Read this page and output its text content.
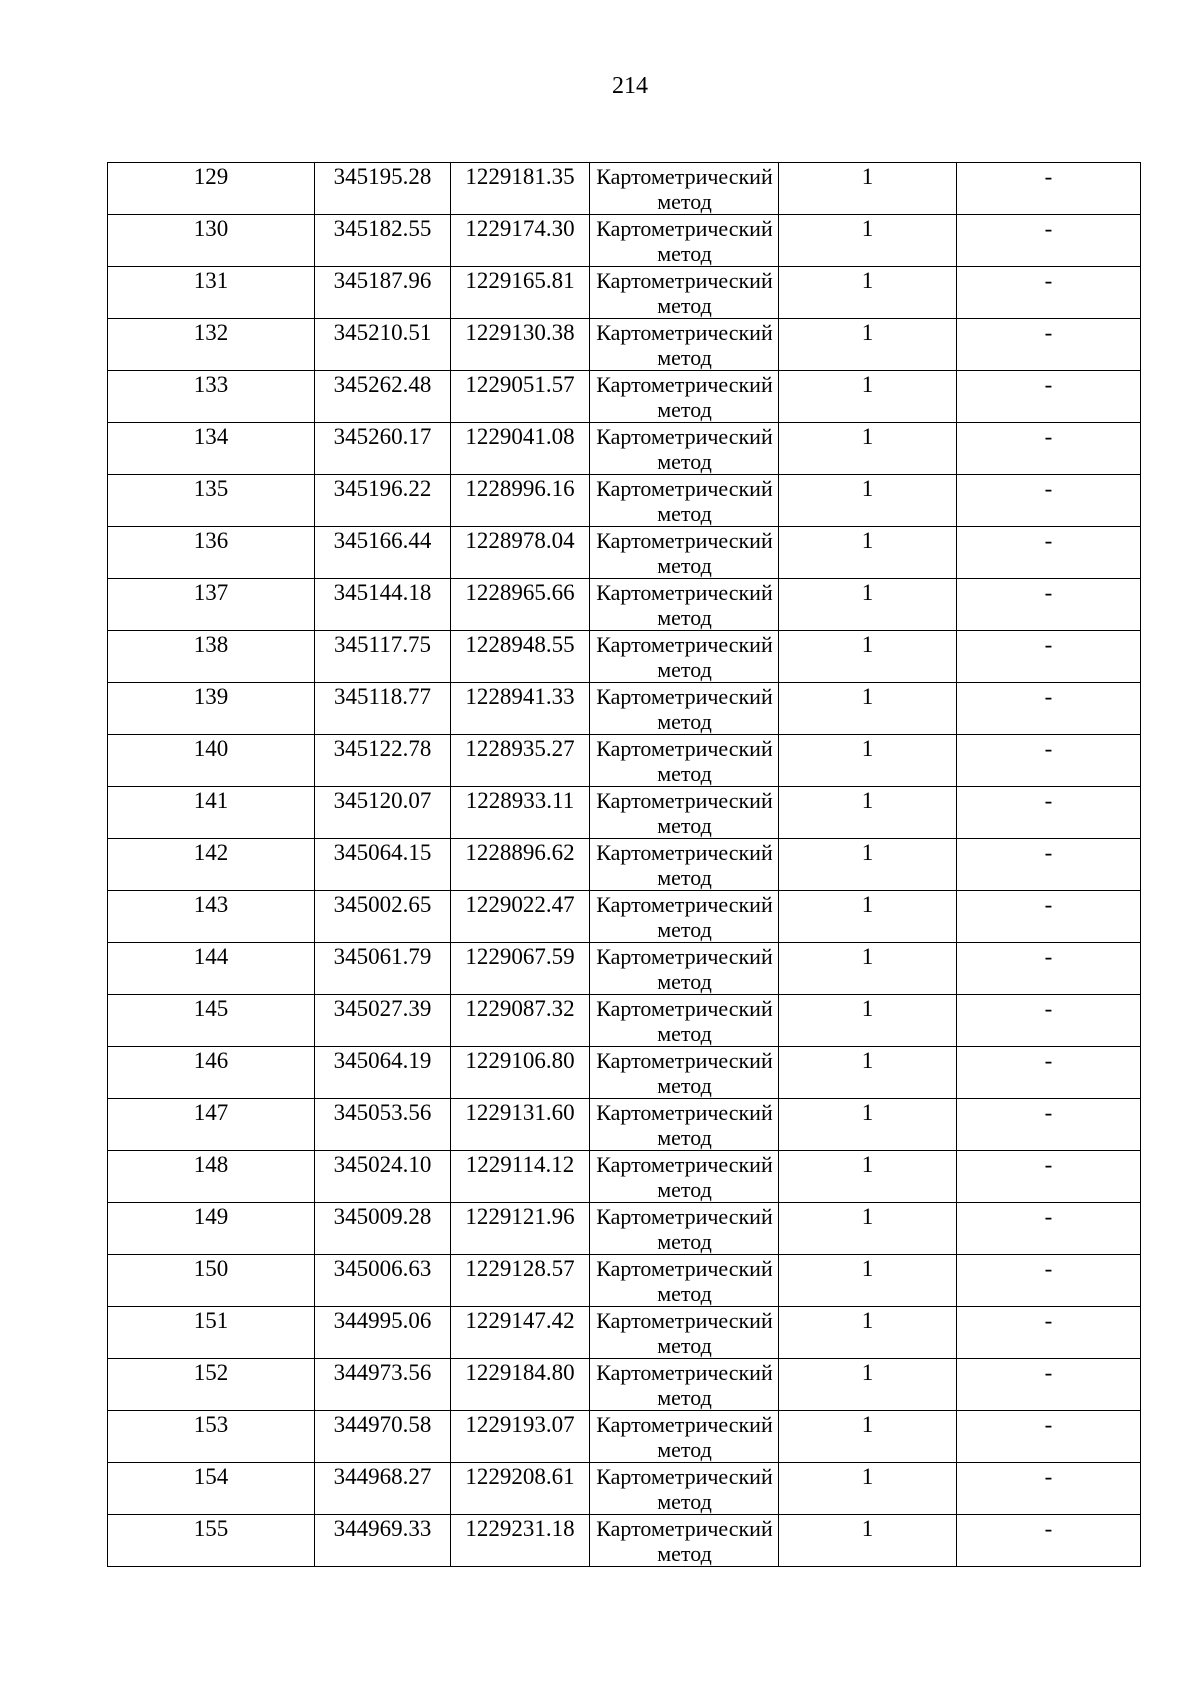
214
129	345195.28	1229181.35	Картометрический метод	1	-

130	345182.55	1229174.30	Картометрический метод	1	-

131	345187.96	1229165.81	Картометрический метод	1	-

132	345210.51	1229130.38	Картометрический метод	1	-

133	345262.48	1229051.57	Картометрический метод	1	-

134	345260.17	1229041.08	Картометрический метод	1	-

135	345196.22	1228996.16	Картометрический метод	1	-

136	345166.44	1228978.04	Картометрический метод	1	-

137	345144.18	1228965.66	Картометрический метод	1	-

138	345117.75	1228948.55	Картометрический метод	1	-

139	345118.77	1228941.33	Картометрический метод	1	-

140	345122.78	1228935.27	Картометрический метод	1	-

141	345120.07	1228933.11	Картометрический метод	1	-

142	345064.15	1228896.62	Картометрический метод	1	-

143	345002.65	1229022.47	Картометрический метод	1	-

144	345061.79	1229067.59	Картометрический метод	1	-

145	345027.39	1229087.32	Картометрический метод	1	-

146	345064.19	1229106.80	Картометрический метод	1	-

147	345053.56	1229131.60	Картометрический метод	1	-

148	345024.10	1229114.12	Картометрический метод	1	-

149	345009.28	1229121.96	Картометрический метод	1	-

150	345006.63	1229128.57	Картометрический метод	1	-

151	344995.06	1229147.42	Картометрический метод	1	-

152	344973.56	1229184.80	Картометрический метод	1	-

153	344970.58	1229193.07	Картометрический метод	1	-

154	344968.27	1229208.61	Картометрический метод	1	-

155	344969.33	1229231.18	Картометрический метод	1	-
